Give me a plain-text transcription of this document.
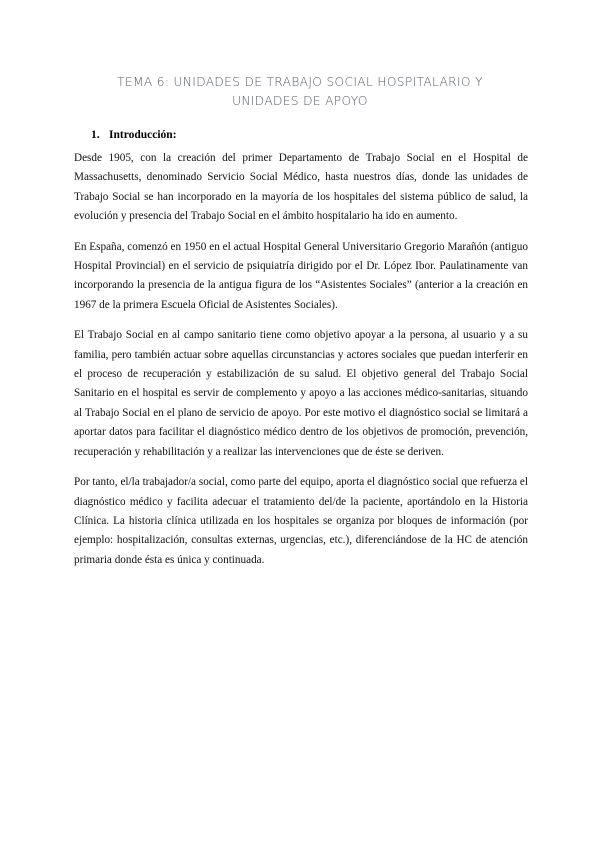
TEMA 6: UNIDADES DE TRABAJO SOCIAL HOSPITALARIO Y
UNIDADES DE APOYO
1. Introducción:

Desde 1905, con la creación del primer Departamento de Trabajo Social en el Hospital de Massachusetts, denominado Servicio Social Médico, hasta nuestros días, donde las unidades de Trabajo Social se han incorporado en la mayoría de los hospitales del sistema público de salud, la evolución y presencia del Trabajo Social en el ámbito hospitalario ha ido en aumento.

En España, comenzó en 1950 en el actual Hospital General Universitario Gregorio Marañón (antiguo Hospital Provincial) en el servicio de psiquiatría dirigido por el Dr. López Ibor. Paulatinamente van incorporando la presencia de la antigua figura de los “Asistentes Sociales” (anterior a la creación en 1967 de la primera Escuela Oficial de Asistentes Sociales).

El Trabajo Social en al campo sanitario tiene como objetivo apoyar a la persona, al usuario y a su familia, pero también actuar sobre aquellas circunstancias y actores sociales que puedan interferir en el proceso de recuperación y estabilización de su salud. El objetivo general del Trabajo Social Sanitario en el hospital es servir de complemento y apoyo a las acciones médico-sanitarias, situando al Trabajo Social en el plano de servicio de apoyo. Por este motivo el diagnóstico social se limitará a aportar datos para facilitar el diagnóstico médico dentro de los objetivos de promoción, prevención, recuperación y rehabilitación y a realizar las intervenciones que de éste se deriven.

Por tanto, el/la trabajador/a social, como parte del equipo, aporta el diagnóstico social que refuerza el diagnóstico médico y facilita adecuar el tratamiento del/de la paciente, aportándolo en la Historia Clínica. La historia clínica utilizada en los hospitales se organiza por bloques de información (por ejemplo: hospitalización, consultas externas, urgencias, etc.), diferenciándose de la HC de atención primaria donde ésta es única y continuada.
